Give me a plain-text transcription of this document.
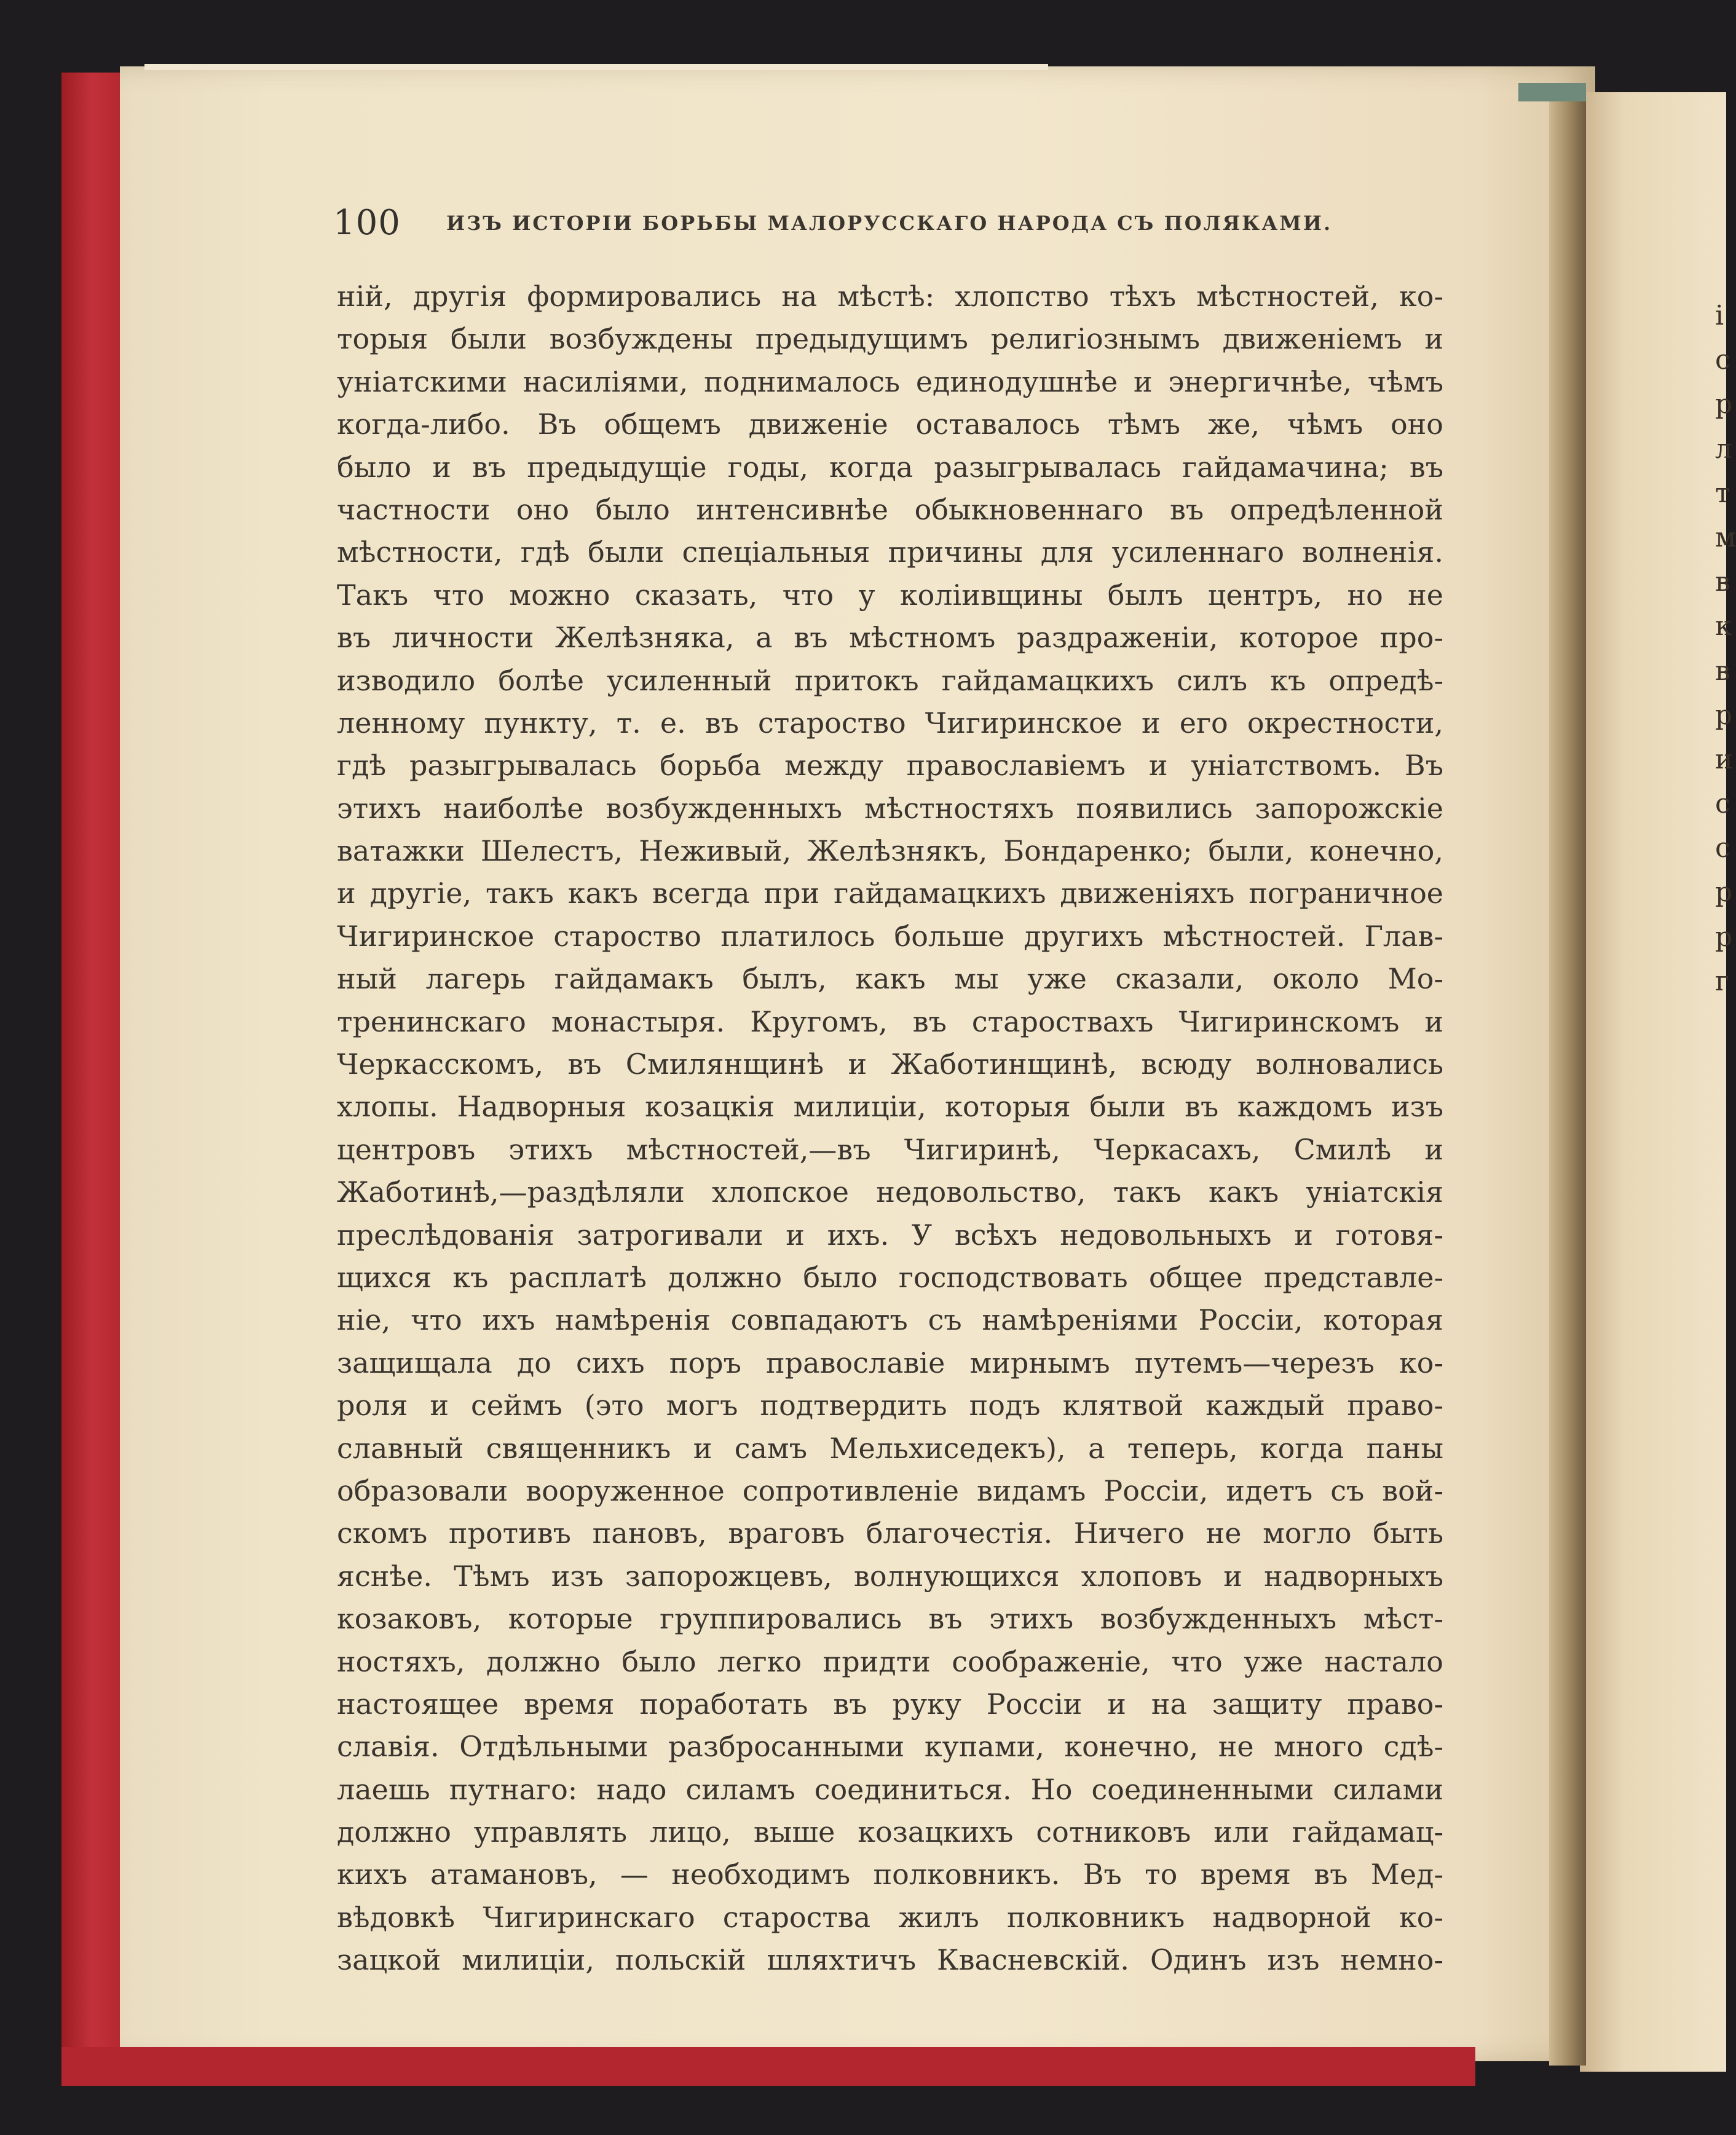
100 ИЗЪ ИСТОРІИ БОРЬБЫ МАЛОРУССКАГО НАРОДА СЪ ПОЛЯКАМИ.
ній, другія формировались на мѣстѣ: хлопство тѣхъ мѣстностей, ко-
торыя были возбуждены предыдущимъ религіознымъ движеніемъ и
уніатскими насиліями, поднималось единодушнѣе и энергичнѣе, чѣмъ
когда-либо. Въ общемъ движеніе оставалось тѣмъ же, чѣмъ оно
было и въ предыдущіе годы, когда разыгрывалась гайдамачина; въ
частности оно было интенсивнѣе обыкновеннаго въ опредѣленной
мѣстности, гдѣ были спеціальныя причины для усиленнаго волненія.
Такъ что можно сказать, что у коліивщины былъ центръ, но не
въ личности Желѣзняка, а въ мѣстномъ раздраженіи, которое про-
изводило болѣе усиленный притокъ гайдамацкихъ силъ къ опредѣ-
ленному пункту, т. е. въ староство Чигиринское и его окрестности,
гдѣ разыгрывалась борьба между православіемъ и уніатствомъ. Въ
этихъ наиболѣе возбужденныхъ мѣстностяхъ появились запорожскіе
ватажки Шелестъ, Неживый, Желѣзнякъ, Бондаренко; были, конечно,
и другіе, такъ какъ всегда при гайдамацкихъ движеніяхъ пограничное
Чигиринское староство платилось больше другихъ мѣстностей. Глав-
ный лагерь гайдамакъ былъ, какъ мы уже сказали, около Мо-
тренинскаго монастыря. Кругомъ, въ староствахъ Чигиринскомъ и
Черкасскомъ, въ Смилянщинѣ и Жаботинщинѣ, всюду волновались
хлопы. Надворныя козацкія милиціи, которыя были въ каждомъ изъ
центровъ этихъ мѣстностей,—въ Чигиринѣ, Черкасахъ, Смилѣ и
Жаботинѣ,—раздѣляли хлопское недовольство, такъ какъ уніатскія
преслѣдованія затрогивали и ихъ. У всѣхъ недовольныхъ и готовя-
щихся къ расплатѣ должно было господствовать общее представле-
ніе, что ихъ намѣренія совпадаютъ съ намѣреніями Россіи, которая
защищала до сихъ поръ православіе мирнымъ путемъ—черезъ ко-
роля и сеймъ (это могъ подтвердить подъ клятвой каждый право-
славный священникъ и самъ Мельхиседекъ), а теперь, когда паны
образовали вооруженное сопротивленіе видамъ Россіи, идетъ съ вой-
скомъ противъ пановъ, враговъ благочестія. Ничего не могло быть
яснѣе. Тѣмъ изъ запорожцевъ, волнующихся хлоповъ и надворныхъ
козаковъ, которые группировались въ этихъ возбужденныхъ мѣст-
ностяхъ, должно было легко придти соображеніе, что уже настало
настоящее время поработать въ руку Россіи и на защиту право-
славія. Отдѣльными разбросанными купами, конечно, не много сдѣ-
лаешь путнаго: надо силамъ соединиться. Но соединенными силами
должно управлять лицо, выше козацкихъ сотниковъ или гайдамац-
кихъ атамановъ, — необходимъ полковникъ. Въ то время въ Мед-
вѣдовкѣ Чигиринскаго староства жилъ полковникъ надворной ко-
зацкой милиціи, польскій шляхтичъ Квасневскій. Одинъ изъ немно-
і
с
р
л
т
м
в
к
в
р
и
с
с
р
р
г
